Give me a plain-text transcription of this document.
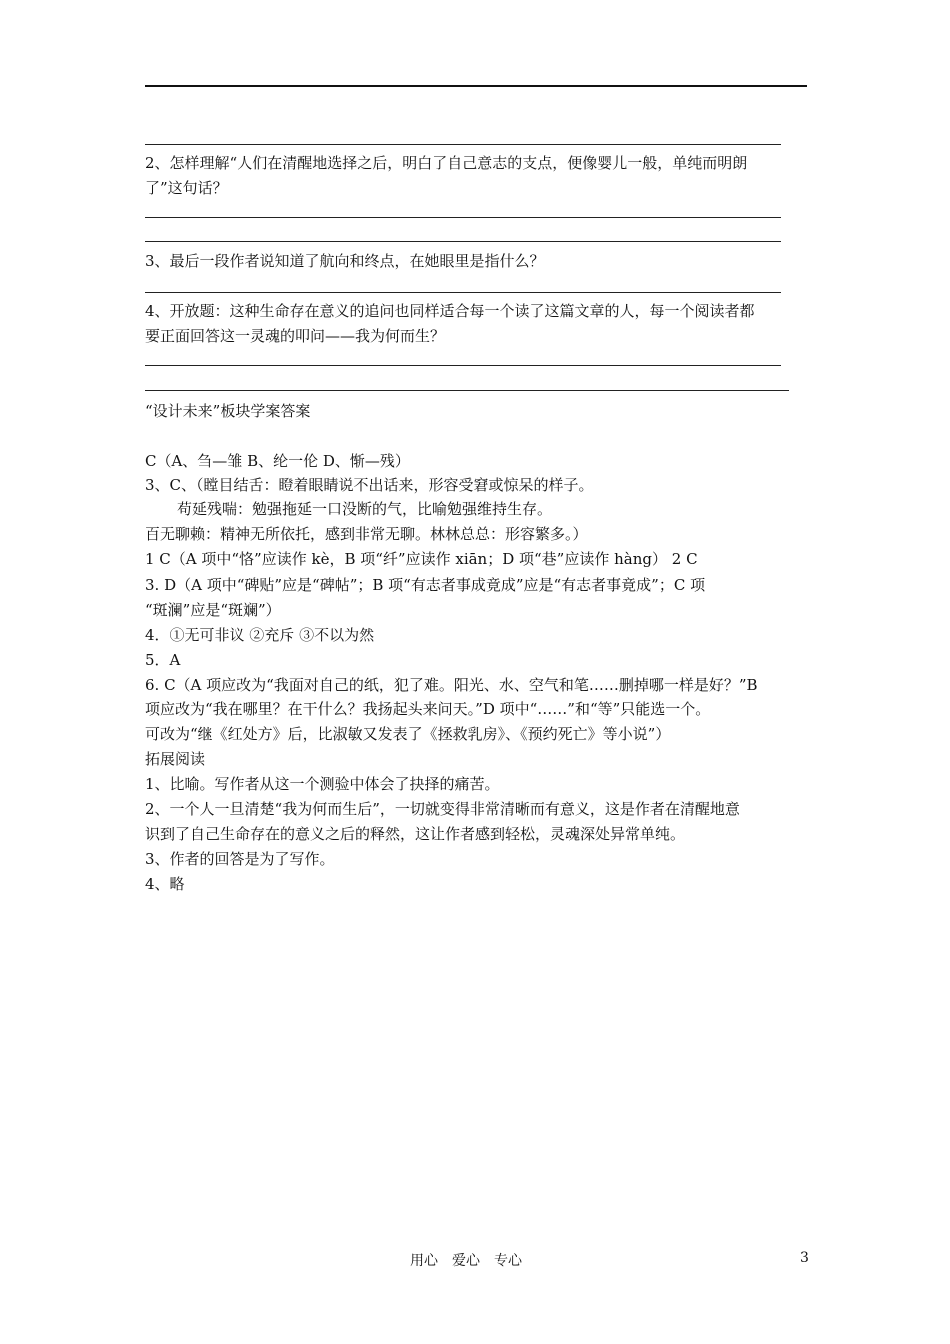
2、怎样理解“人们在清醒地选择之后，明白了自己意志的支点，便像婴儿一般，单纯而明朗
了”这句话？
3、最后一段作者说知道了航向和终点，在她眼里是指什么？
4、开放题：这种生命存在意义的追问也同样适合每一个读了这篇文章的人，每一个阅读者都
要正面回答这一灵魂的叩问——我为何而生？
“设计未来”板块学案答案
C（A、刍—雏 B、纶一伦 D、惭—残）
3、C、（瞠目结舌：瞪着眼睛说不出话来，形容受窘或惊呆的样子。
苟延残喘：勉强拖延一口没断的气，比喻勉强维持生存。
百无聊赖：精神无所依托，感到非常无聊。林林总总：形容繁多。）
1 C（A 项中“恪”应读作 kè，B 项“纤”应读作 xiān；D 项“巷”应读作 hàng） 2 C
3. D（A 项中“碑贴”应是“碑帖”；B 项“有志者事成竟成”应是“有志者事竟成”；C 项
“斑澜”应是“斑斓”）
4．①无可非议 ②充斥 ③不以为然
5．A
6. C（A 项应改为“我面对自己的纸，犯了难。阳光、水、空气和笔……删掉哪一样是好？”B
项应改为“我在哪里？在干什么？我扬起头来问天。”D 项中“……”和“等”只能选一个。
可改为“继《红处方》后，比淑敏又发表了《拯救乳房》、《预约死亡》等小说”）
拓展阅读
1、比喻。写作者从这一个测验中体会了抉择的痛苦。
2、一个人一旦清楚“我为何而生后”，一切就变得非常清晰而有意义，这是作者在清醒地意
识到了自己生命存在的意义之后的释然，这让作者感到轻松，灵魂深处异常单纯。
3、作者的回答是为了写作。
4、略
用心　爱心　专心	3
